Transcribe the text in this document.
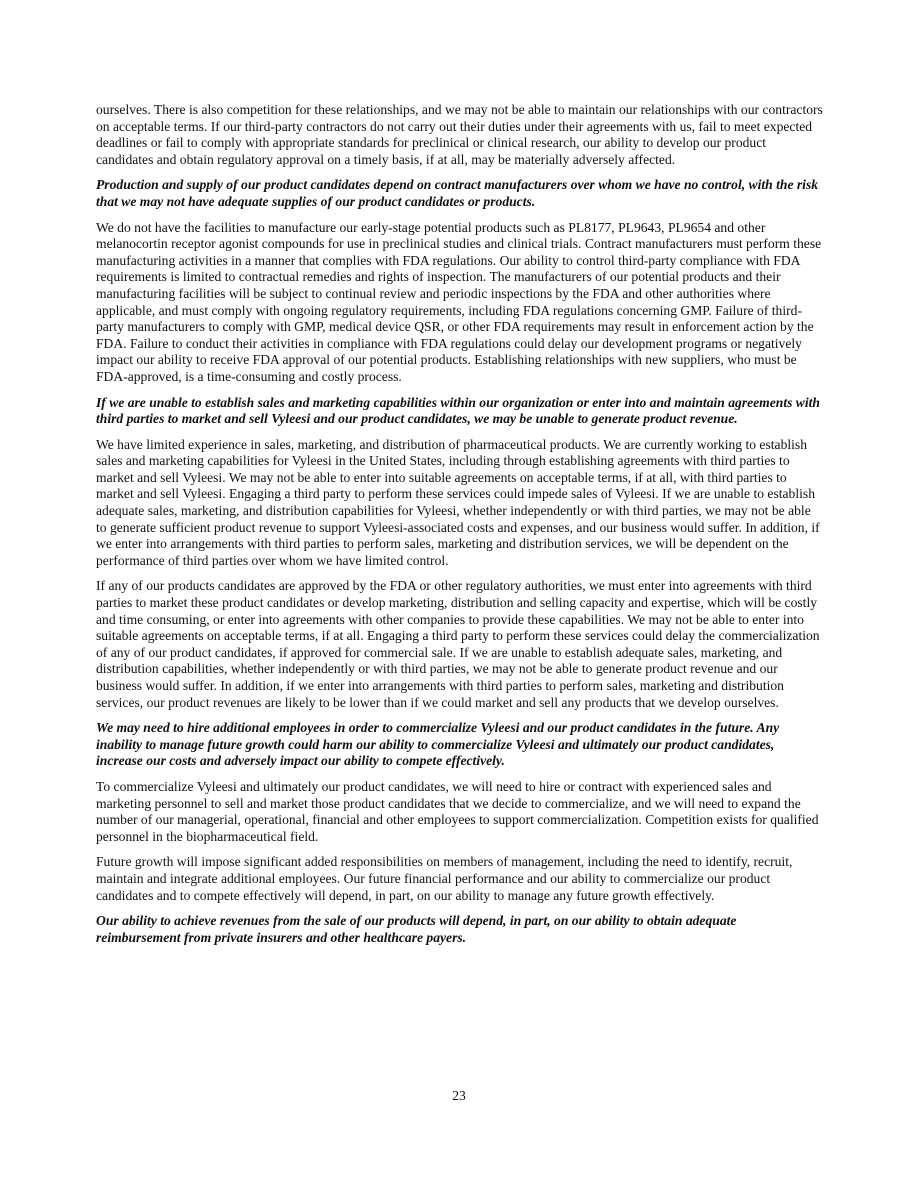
ourselves. There is also competition for these relationships, and we may not be able to maintain our relationships with our contractors on acceptable terms. If our third-party contractors do not carry out their duties under their agreements with us, fail to meet expected deadlines or fail to comply with appropriate standards for preclinical or clinical research, our ability to develop our product candidates and obtain regulatory approval on a timely basis, if at all, may be materially adversely affected.

Production and supply of our product candidates depend on contract manufacturers over whom we have no control, with the risk that we may not have adequate supplies of our product candidates or products.

We do not have the facilities to manufacture our early-stage potential products such as PL8177, PL9643, PL9654 and other melanocortin receptor agonist compounds for use in preclinical studies and clinical trials. Contract manufacturers must perform these manufacturing activities in a manner that complies with FDA regulations. Our ability to control third-party compliance with FDA requirements is limited to contractual remedies and rights of inspection. The manufacturers of our potential products and their manufacturing facilities will be subject to continual review and periodic inspections by the FDA and other authorities where applicable, and must comply with ongoing regulatory requirements, including FDA regulations concerning GMP. Failure of third-party manufacturers to comply with GMP, medical device QSR, or other FDA requirements may result in enforcement action by the FDA. Failure to conduct their activities in compliance with FDA regulations could delay our development programs or negatively impact our ability to receive FDA approval of our potential products. Establishing relationships with new suppliers, who must be FDA-approved, is a time-consuming and costly process.

If we are unable to establish sales and marketing capabilities within our organization or enter into and maintain agreements with third parties to market and sell Vyleesi and our product candidates, we may be unable to generate product revenue.

We have limited experience in sales, marketing, and distribution of pharmaceutical products. We are currently working to establish sales and marketing capabilities for Vyleesi in the United States, including through establishing agreements with third parties to market and sell Vyleesi. We may not be able to enter into suitable agreements on acceptable terms, if at all, with third parties to market and sell Vyleesi. Engaging a third party to perform these services could impede sales of Vyleesi. If we are unable to establish adequate sales, marketing, and distribution capabilities for Vyleesi, whether independently or with third parties, we may not be able to generate sufficient product revenue to support Vyleesi-associated costs and expenses, and our business would suffer. In addition, if we enter into arrangements with third parties to perform sales, marketing and distribution services, we will be dependent on the performance of third parties over whom we have limited control.

If any of our products candidates are approved by the FDA or other regulatory authorities, we must enter into agreements with third parties to market these product candidates or develop marketing, distribution and selling capacity and expertise, which will be costly and time consuming, or enter into agreements with other companies to provide these capabilities. We may not be able to enter into suitable agreements on acceptable terms, if at all. Engaging a third party to perform these services could delay the commercialization of any of our product candidates, if approved for commercial sale. If we are unable to establish adequate sales, marketing, and distribution capabilities, whether independently or with third parties, we may not be able to generate product revenue and our business would suffer. In addition, if we enter into arrangements with third parties to perform sales, marketing and distribution services, our product revenues are likely to be lower than if we could market and sell any products that we develop ourselves.

We may need to hire additional employees in order to commercialize Vyleesi and our product candidates in the future. Any inability to manage future growth could harm our ability to commercialize Vyleesi and ultimately our product candidates, increase our costs and adversely impact our ability to compete effectively.

To commercialize Vyleesi and ultimately our product candidates, we will need to hire or contract with experienced sales and marketing personnel to sell and market those product candidates that we decide to commercialize, and we will need to expand the number of our managerial, operational, financial and other employees to support commercialization. Competition exists for qualified personnel in the biopharmaceutical field.

Future growth will impose significant added responsibilities on members of management, including the need to identify, recruit, maintain and integrate additional employees. Our future financial performance and our ability to commercialize our product candidates and to compete effectively will depend, in part, on our ability to manage any future growth effectively.

Our ability to achieve revenues from the sale of our products will depend, in part, on our ability to obtain adequate reimbursement from private insurers and other healthcare payers.

23
